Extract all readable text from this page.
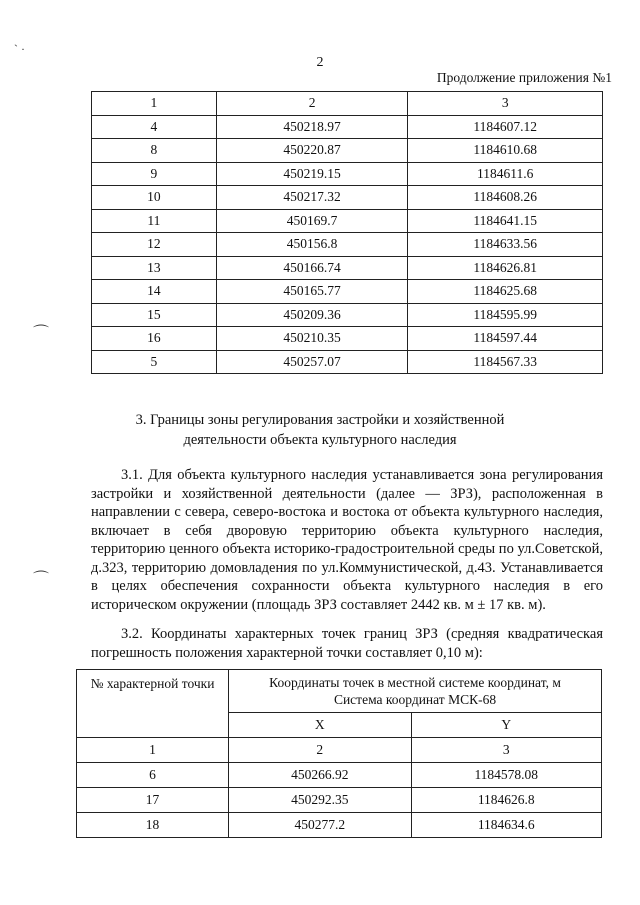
` ·
⌒
⌒
2
Продолжение приложения №1
1	2	3
4	450218.97	1184607.12
8	450220.87	1184610.68
9	450219.15	1184611.6
10	450217.32	1184608.26
11	450169.7	1184641.15
12	450156.8	1184633.56
13	450166.74	1184626.81
14	450165.77	1184625.68
15	450209.36	1184595.99
16	450210.35	1184597.44
5	450257.07	1184567.33
3. Границы зоны регулирования застройки и хозяйственной
деятельности объекта культурного наследия
3.1. Для объекта культурного наследия устанавливается зона регулирования застройки и хозяйственной деятельности (далее — ЗРЗ), расположенная в направлении с севера, северо-востока и востока от объекта культурного наследия, включает в себя дворовую территорию объекта культурного наследия, территорию ценного объекта историко-градостроительной среды по ул.Советской, д.323, территорию домовладения по ул.Коммунистической, д.43. Устанавливается в целях обеспечения сохранности объекта культурного наследия в его историческом окружении (площадь ЗРЗ составляет 2442 кв. м ± 17 кв. м).
3.2. Координаты характерных точек границ ЗРЗ (средняя квадратическая погрешность положения характерной точки составляет 0,10 м):
№ характерной точки	Координаты точек в местной системе координат, м
Система координат МСК-68	

	X	Y
1	2	3
6	450266.92	1184578.08
17	450292.35	1184626.8
18	450277.2	1184634.6
